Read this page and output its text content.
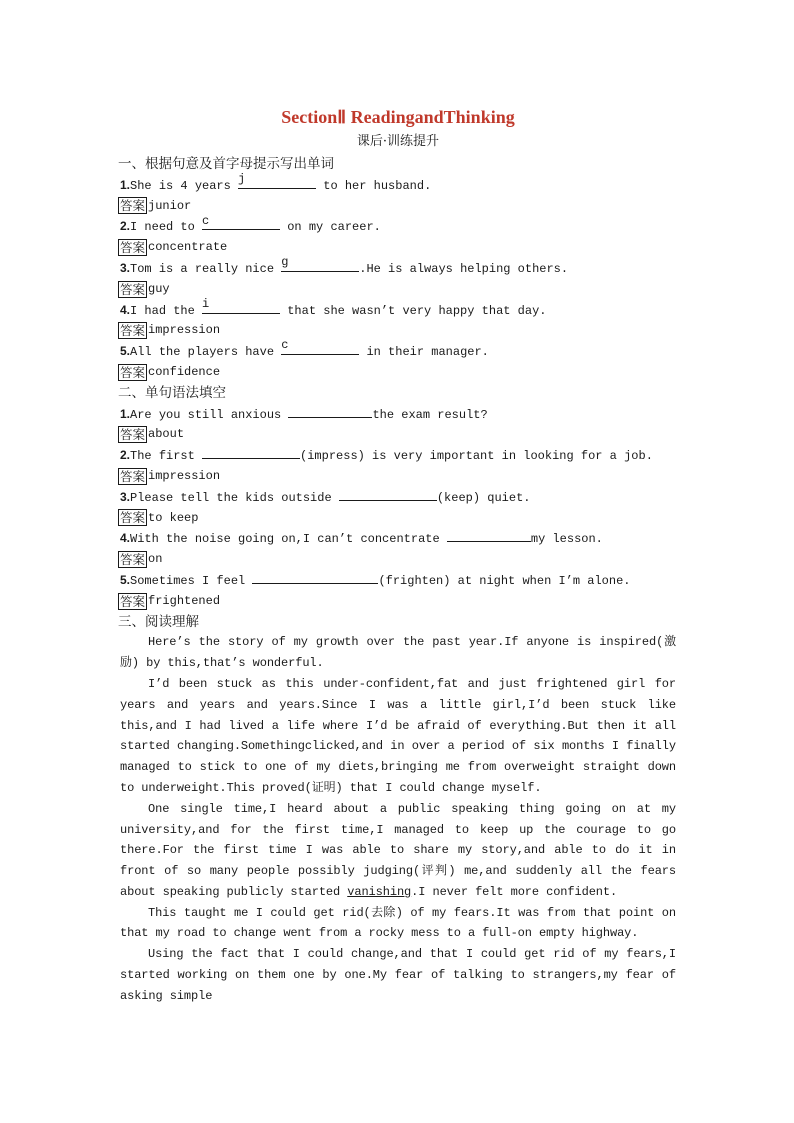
SectionⅡ ReadingandThinking
课后·训练提升
一、根据句意及首字母提示写出单词
1.She is 4 years j	to her husband.
答案 junior
2.I need to c	on my career.
答案 concentrate
3.Tom is a really nice g	.He is always helping others.
答案 guy
4.I had the i	that she wasn’t very happy that day.
答案 impression
5.All the players have c	in their manager.
答案 confidence
二、单句语法填空
1.Are you still anxious	the exam result?
答案 about
2.The first	(impress) is very important in looking for a job.
答案 impression
3.Please tell the kids outside	(keep) quiet.
答案 to keep
4.With the noise going on,I can’t concentrate	my lesson.
答案 on
5.Sometimes I feel	(frighten) at night when I’m alone.
答案 frightened
三、阅读理解

Here’s the story of my growth over the past year.If anyone is inspired(激励) by this,that’s wonderful.

I’d been stuck as this under-confident,fat and just frightened girl for years and years and years.Since I was a little girl,I’d been stuck like this,and I had lived a life where I’d be afraid of everything.But then it all started changing.Somethingclicked,and in over a period of six months I finally managed to stick to one of my diets,bringing me from overweight straight down to underweight.This proved(证明) that I could change myself.

One single time,I heard about a public speaking thing going on at my university,and for the first time,I managed to keep up the courage to go there.For the first time I was able to share my story,and able to do it in front of so many people possibly judging(评判) me,and suddenly all the fears about speaking publicly started vanishing.I never felt more confident.

This taught me I could get rid(去除) of my fears.It was from that point on that my road to change went from a rocky mess to a full-on empty highway.

Using the fact that I could change,and that I could get rid of my fears,I started working on them one by one.My fear of talking to strangers,my fear of asking simple
